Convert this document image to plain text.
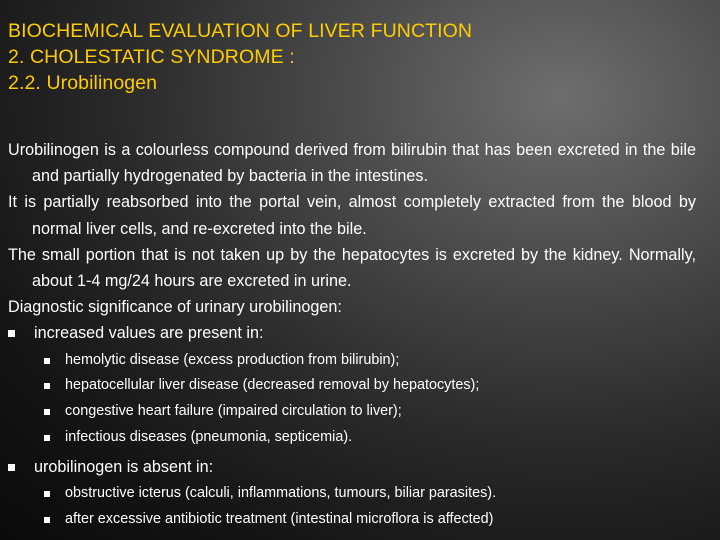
BIOCHEMICAL EVALUATION OF LIVER FUNCTION
2. CHOLESTATIC SYNDROME :
2.2. Urobilinogen

Urobilinogen is a colourless compound derived from bilirubin that has been excreted in the bile and partially hydrogenated by bacteria in the intestines.

It is partially reabsorbed into the portal vein, almost completely extracted from the blood by normal liver cells, and re-excreted into the bile.

The small portion that is not taken up by the hepatocytes is excreted by the kidney. Normally, about 1-4 mg/24 hours are excreted in urine.

Diagnostic significance of urinary urobilinogen:

increased values are present in:
hemolytic disease (excess production from bilirubin);
hepatocellular liver disease (decreased removal by hepatocytes);
congestive heart failure (impaired circulation to liver);
infectious diseases (pneumonia, septicemia).
urobilinogen is absent in:
obstructive icterus (calculi, inflammations, tumours, biliar parasites).
after excessive antibiotic treatment (intestinal microflora is affected)
